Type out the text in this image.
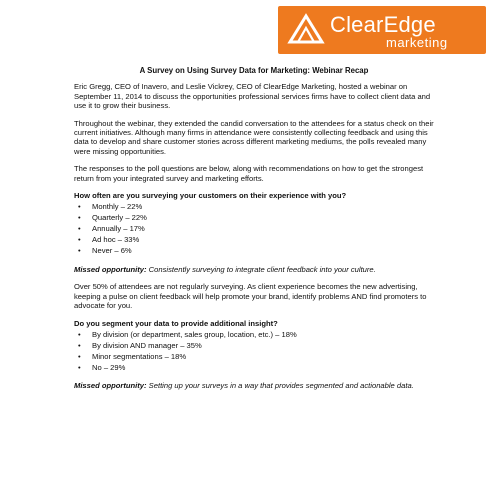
ClearEdge
marketing
A Survey on Using Survey Data for Marketing: Webinar Recap

Eric Gregg, CEO of Inavero, and Leslie Vickrey, CEO of ClearEdge Marketing, hosted a webinar on September 11, 2014 to discuss the opportunities professional services firms have to collect client data and use it to grow their business.

Throughout the webinar, they extended the candid conversation to the attendees for a status check on their current initiatives. Although many firms in attendance were consistently collecting feedback and using this data to develop and share customer stories across different marketing mediums, the polls revealed many were missing opportunities.

The responses to the poll questions are below, along with recommendations on how to get the strongest return from your integrated survey and marketing efforts.

How often are you surveying your customers on their experience with you?
• Monthly – 22%
• Quarterly – 22%
• Annually – 17%
• Ad hoc – 33%
• Never – 6%

Missed opportunity: Consistently surveying to integrate client feedback into your culture.

Over 50% of attendees are not regularly surveying. As client experience becomes the new advertising, keeping a pulse on client feedback will help promote your brand, identify problems AND find promoters to advocate for you.

Do you segment your data to provide additional insight?
• By division (or department, sales group, location, etc.) – 18%
• By division AND manager – 35%
• Minor segmentations – 18%
• No – 29%

Missed opportunity: Setting up your surveys in a way that provides segmented and actionable data.
